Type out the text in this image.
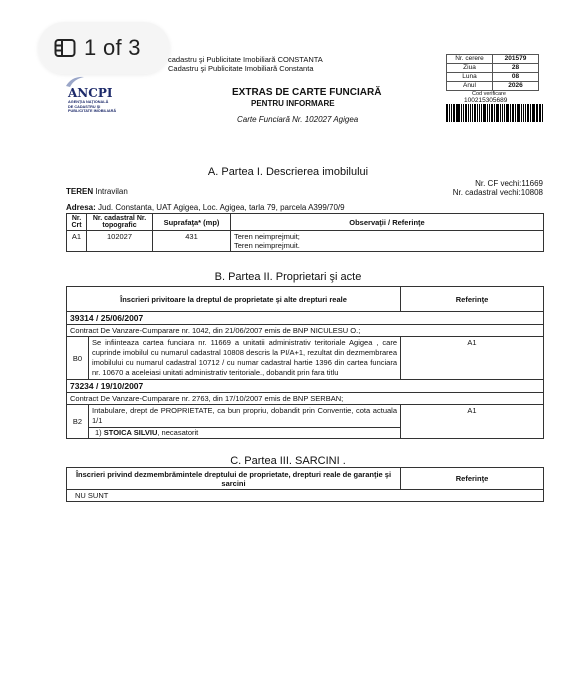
1 of 3	cadastru şi Publicitate Imobiliară CONSTANTA
Cadastru şi Publicitate Imobiliară Constanta
ANCPI
AGENŢIA NAŢIONALĂ
DE CADASTRU ŞI
PUBLICITATE IMOBILIARĂ
EXTRAS DE CARTE FUNCIARĂ
PENTRU INFORMARE
Carte Funciară Nr. 102027 Agigea
Nr. cerere	201579
Ziua	28
Luna	08
Anul	2026
Cod verificare
100215305689
A. Partea I. Descrierea imobilului
Nr. CF vechi:11669
Nr. cadastral vechi:10808
TEREN Intravilan
Adresa: Jud. Constanta, UAT Agigea, Loc. Agigea, tarla 79, parcela A399/70/9
Nr. Crt	Nr. cadastral Nr. topografic	Suprafaţa* (mp)	Observaţii / Referinţe
A1	102027	431	Teren neimprejmuit;
Teren neimprejmuit.
B. Partea II. Proprietari şi acte
Înscrieri privitoare la dreptul de proprietate şi alte drepturi reale	Referinţe
39314 / 25/06/2007	
Contract De Vanzare-Cumparare nr. 1042, din 21/06/2007 emis de BNP NICULESU O.;	

B0
Se infiinteaza cartea funciara nr. 11669 a unitatii administrativ teritoriale Agigea , care cuprinde imobilul cu numarul cadastral 10808 descris la PI/A+1, rezultat din dezmembrarea imobilului cu numarul cadastral 10712 / cu numar cadastral hartie 1396 din cartea funciara nr. 10670 a aceleiasi unitati administrativ teritoriale., dobandit prin fara titlu	A1
73234 / 19/10/2007	
Contract De Vanzare-Cumparare nr. 2763, din 17/10/2007 emis de BNP SERBAN;	

B2
Intabulare, drept de PROPRIETATE, ca bun propriu, dobandit prin Conventie, cota actuala 1/1
1) STOICA SILVIU, necasatorit	A1
C. Partea III. SARCINI .
Înscrieri privind dezmembrămintele dreptului de proprietate, drepturi reale de garanţie şi sarcini	Referinţe
NU SUNT
